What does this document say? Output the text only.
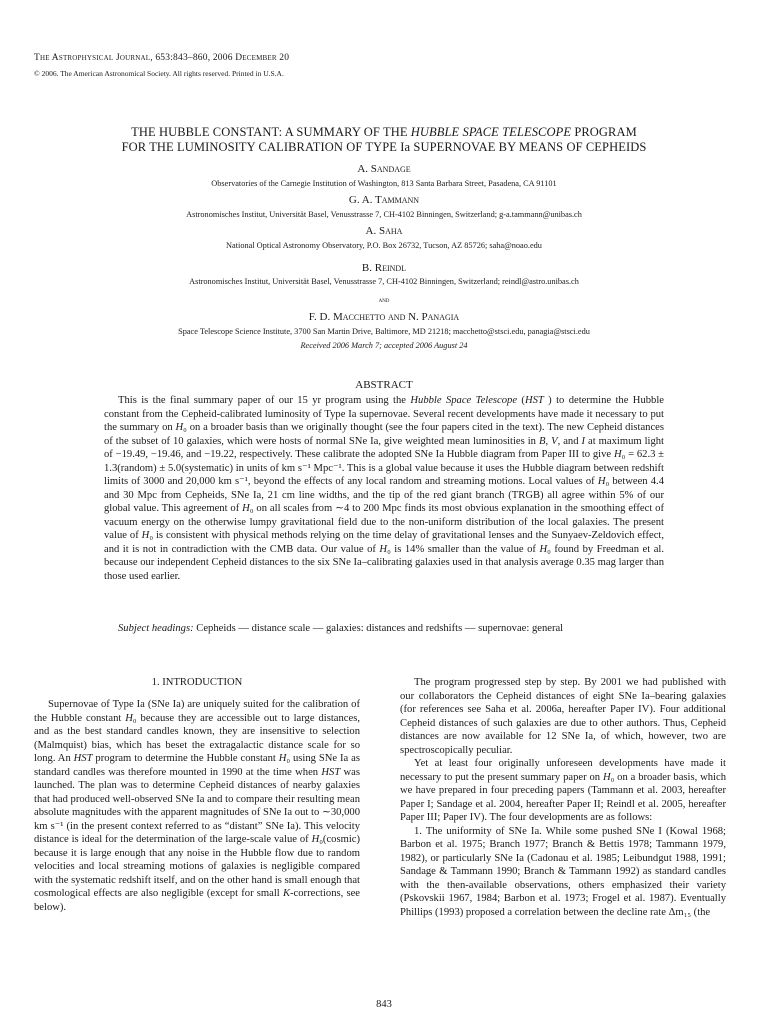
The Astrophysical Journal, 653:843–860, 2006 December 20
© 2006. The American Astronomical Society. All rights reserved. Printed in U.S.A.
THE HUBBLE CONSTANT: A SUMMARY OF THE HUBBLE SPACE TELESCOPE PROGRAM
FOR THE LUMINOSITY CALIBRATION OF TYPE Ia SUPERNOVAE BY MEANS OF CEPHEIDS
A. Sandage
Observatories of the Carnegie Institution of Washington, 813 Santa Barbara Street, Pasadena, CA 91101
G. A. Tammann
Astronomisches Institut, Universität Basel, Venusstrasse 7, CH-4102 Binningen, Switzerland; g-a.tammann@unibas.ch
A. Saha
National Optical Astronomy Observatory, P.O. Box 26732, Tucson, AZ 85726; saha@noao.edu
B. Reindl
Astronomisches Institut, Universität Basel, Venusstrasse 7, CH-4102 Binningen, Switzerland; reindl@astro.unibas.ch
and
F. D. Macchetto and N. Panagia
Space Telescope Science Institute, 3700 San Martin Drive, Baltimore, MD 21218; macchetto@stsci.edu, panagia@stsci.edu
Received 2006 March 7; accepted 2006 August 24
ABSTRACT
This is the final summary paper of our 15 yr program using the Hubble Space Telescope (HST ) to determine the Hubble constant from the Cepheid-calibrated luminosity of Type Ia supernovae. Several recent developments have made it necessary to put the summary on H₀ on a broader basis than we originally thought (see the four papers cited in the text). The new Cepheid distances of the subset of 10 galaxies, which were hosts of normal SNe Ia, give weighted mean luminosities in B, V, and I at maximum light of −19.49, −19.46, and −19.22, respectively. These calibrate the adopted SNe Ia Hubble diagram from Paper III to give H₀ = 62.3 ± 1.3(random) ± 5.0(systematic) in units of km s⁻¹ Mpc⁻¹. This is a global value because it uses the Hubble diagram between redshift limits of 3000 and 20,000 km s⁻¹, beyond the effects of any local random and streaming motions. Local values of H₀ between 4.4 and 30 Mpc from Cepheids, SNe Ia, 21 cm line widths, and the tip of the red giant branch (TRGB) all agree within 5% of our global value. This agreement of H₀ on all scales from ∼4 to 200 Mpc finds its most obvious explanation in the smoothing effect of vacuum energy on the otherwise lumpy gravitational field due to the non-uniform distribution of the local galaxies. The present value of H₀ is consistent with physical methods relying on the time delay of gravitational lenses and the Sunyaev-Zeldovich effect, and it is not in contradiction with the CMB data. Our value of H₀ is 14% smaller than the value of H₀ found by Freedman et al. because our independent Cepheid distances to the six SNe Ia–calibrating galaxies used in that analysis average 0.35 mag larger than those used earlier.
Subject headings: Cepheids — distance scale — galaxies: distances and redshifts — supernovae: general
1. INTRODUCTION

Supernovae of Type Ia (SNe Ia) are uniquely suited for the calibration of the Hubble constant H₀ because they are accessible out to large distances, and as the best standard candles known, they are insensitive to selection (Malmquist) bias, which has beset the extragalactic distance scale for so long. An HST program to determine the Hubble constant H₀ using SNe Ia as standard candles was therefore mounted in 1990 at the time when HST was launched. The plan was to determine Cepheid distances of nearby galaxies that had produced well-observed SNe Ia and to compare their resulting mean absolute magnitudes with the apparent magnitudes of SNe Ia out to ∼30,000 km s⁻¹ (in the present context referred to as “distant” SNe Ia). This velocity distance is ideal for the determination of the large-scale value of H₀(cosmic) because it is large enough that any noise in the Hubble flow due to random velocities and local streaming motions of galaxies is negligible compared with the systematic redshift itself, and on the other hand is small enough that cosmological effects are also negligible (except for small K-corrections, see below).

The program progressed step by step. By 2001 we had published with our collaborators the Cepheid distances of eight SNe Ia–bearing galaxies (for references see Saha et al. 2006a, hereafter Paper IV). Four additional Cepheid distances of such galaxies are due to other authors. Thus, Cepheid distances are now available for 12 SNe Ia, of which, however, two are spectroscopically peculiar.

Yet at least four originally unforeseen developments have made it necessary to put the present summary paper on H₀ on a broader basis, which we have prepared in four preceding papers (Tammann et al. 2003, hereafter Paper I; Sandage et al. 2004, hereafter Paper II; Reindl et al. 2005, hereafter Paper III; Paper IV). The four developments are as follows:

1. The uniformity of SNe Ia. While some pushed SNe I (Kowal 1968; Barbon et al. 1975; Branch 1977; Branch & Bettis 1978; Tammann 1979, 1982), or particularly SNe Ia (Cadonau et al. 1985; Leibundgut 1988, 1991; Sandage & Tammann 1990; Branch & Tammann 1992) as standard candles with the then-available observations, others emphasized their variety (Pskovskii 1967, 1984; Barbon et al. 1973; Frogel et al. 1987). Eventually Phillips (1993) proposed a correlation between the decline rate Δm₁₅ (the

843
